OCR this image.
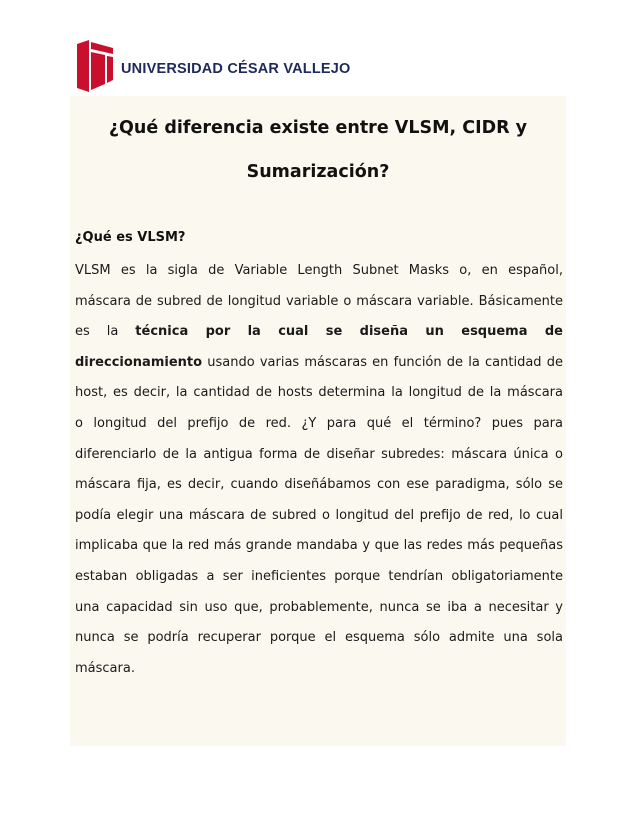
UNIVERSIDAD CÉSAR VALLEJO
¿Qué diferencia existe entre VLSM, CIDR y
Sumarización?
¿Qué es VLSM?
VLSM es la sigla de Variable Length Subnet Masks o, en español,
máscara de subred de longitud variable o máscara variable. Básicamente
es la técnica por la cual se diseña un esquema de
direccionamiento usando varias máscaras en función de la cantidad de
host, es decir, la cantidad de hosts determina la longitud de la máscara
o longitud del prefijo de red. ¿Y para qué el término? pues para
diferenciarlo de la antigua forma de diseñar subredes: máscara única o
máscara fija, es decir, cuando diseñábamos con ese paradigma, sólo se
podía elegir una máscara de subred o longitud del prefijo de red, lo cual
implicaba que la red más grande mandaba y que las redes más pequeñas
estaban obligadas a ser ineficientes porque tendrían obligatoriamente
una capacidad sin uso que, probablemente, nunca se iba a necesitar y
nunca se podría recuperar porque el esquema sólo admite una sola
máscara.
